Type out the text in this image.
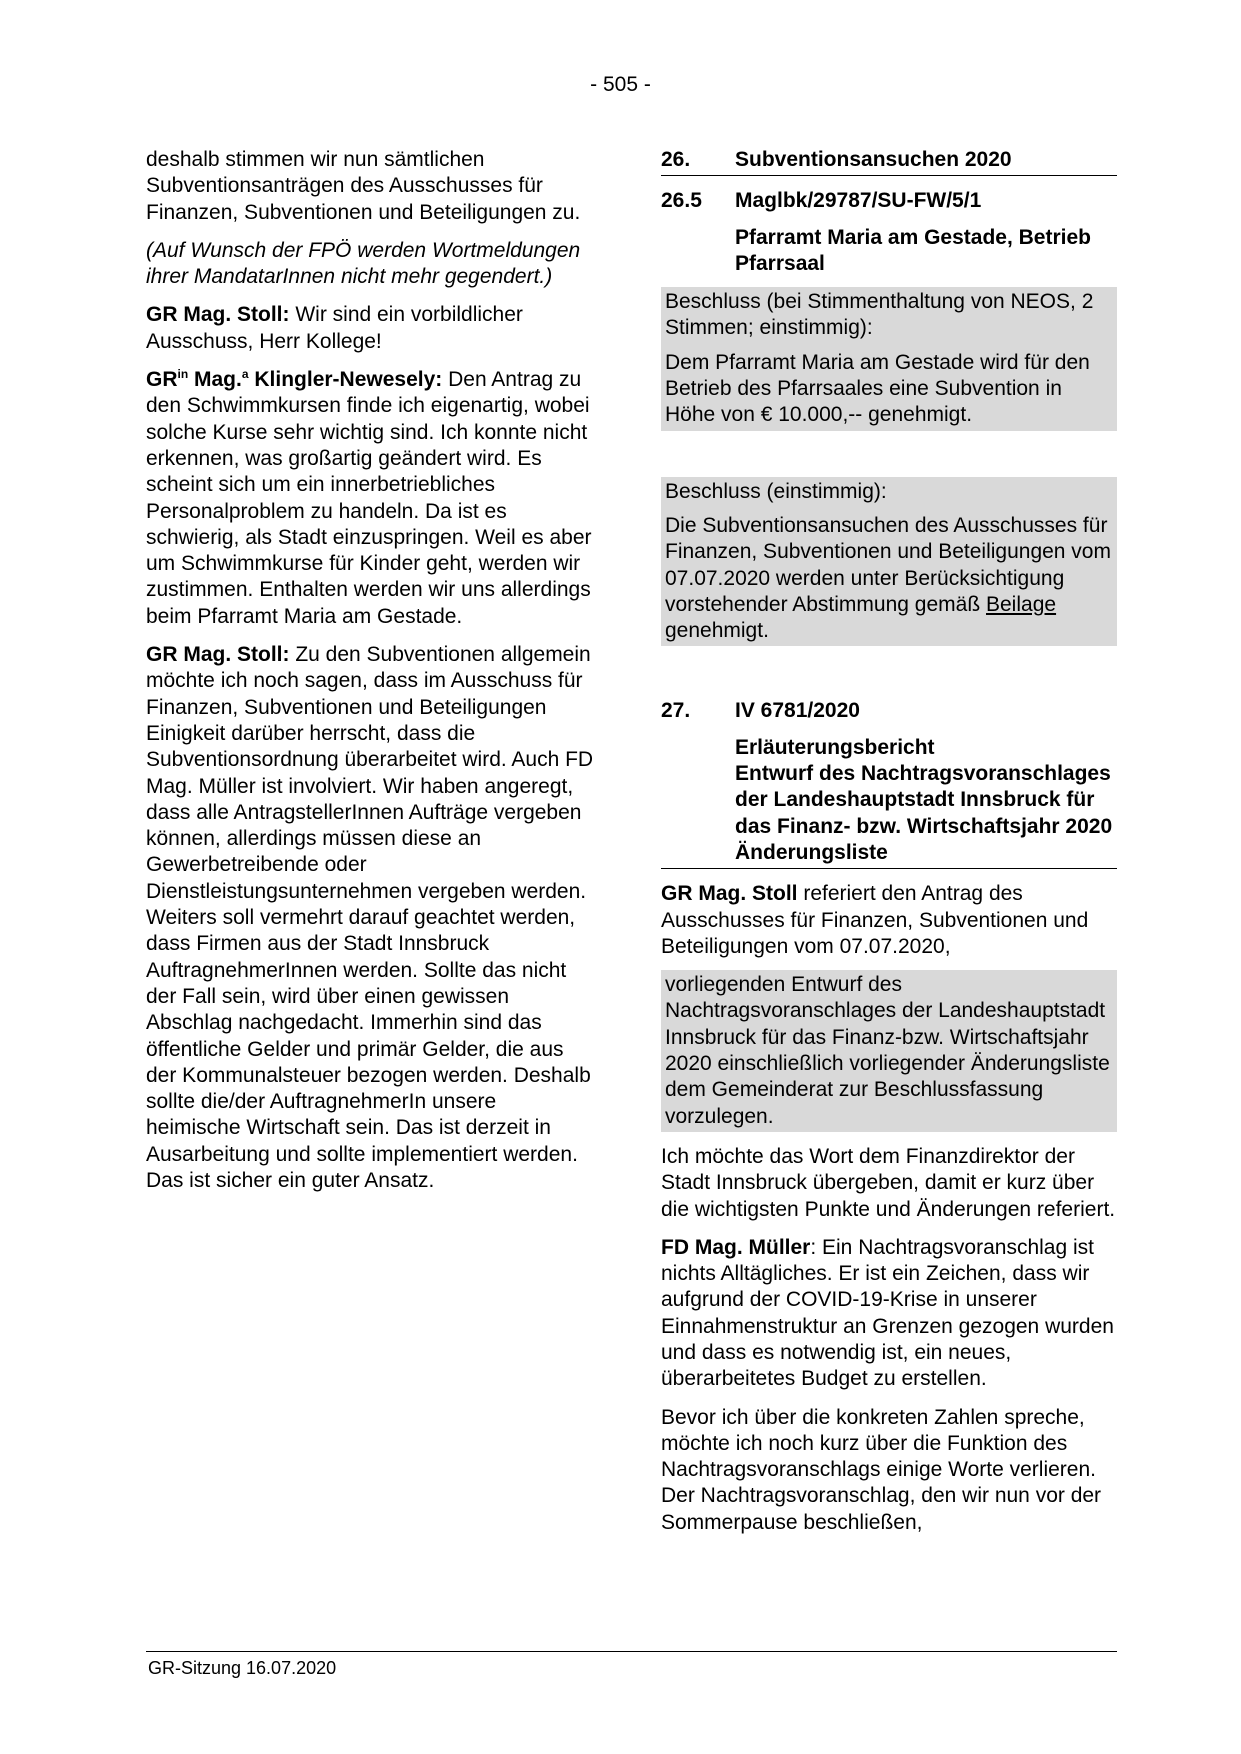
- 505 -

deshalb stimmen wir nun sämtlichen Subventionsanträgen des Ausschusses für Finanzen, Subventionen und Beteiligungen zu.

(Auf Wunsch der FPÖ werden Wortmeldungen ihrer MandatarInnen nicht mehr gegendert.)

GR Mag. Stoll: Wir sind ein vorbildlicher Ausschuss, Herr Kollege!

$GR^{in}$ Mag.$^a$ Klingler-Newesely: Den Antrag zu den Schwimmkursen finde ich eigenartig, wobei solche Kurse sehr wichtig sind. Ich konnte nicht erkennen, was großartig geändert wird. Es scheint sich um ein innerbetriebliches Personalproblem zu handeln. Da ist es schwierig, als Stadt einzuspringen. Weil es aber um Schwimmkurse für Kinder geht, werden wir zustimmen. Enthalten werden wir uns allerdings beim Pfarramt Maria am Gestade.

GR Mag. Stoll: Zu den Subventionen allgemein möchte ich noch sagen, dass im Ausschuss für Finanzen, Subventionen und Beteiligungen Einigkeit darüber herrscht, dass die Subventionsordnung überarbeitet wird. Auch FD Mag. Müller ist involviert. Wir haben angeregt, dass alle AntragstellerInnen Aufträge vergeben können, allerdings müssen diese an Gewerbetreibende oder Dienstleistungsunternehmen vergeben werden. Weiters soll vermehrt darauf geachtet werden, dass Firmen aus der Stadt Innsbruck AuftragnehmerInnen werden. Sollte das nicht der Fall sein, wird über einen gewissen Abschlag nachgedacht. Immerhin sind das öffentliche Gelder und primär Gelder, die aus der Kommunalsteuer bezogen werden. Deshalb sollte die/der AuftragnehmerIn unsere heimische Wirtschaft sein. Das ist derzeit in Ausarbeitung und sollte implementiert werden. Das ist sicher ein guter Ansatz.

26.	Subventionsansuchen 2020
26.5	Maglbk/29787/SU-FW/5/1
Pfarramt Maria am Gestade, Betrieb Pfarrsaal
Beschluss (bei Stimmenthaltung von NEOS, 2 Stimmen; einstimmig):
Dem Pfarramt Maria am Gestade wird für den Betrieb des Pfarrsaales eine Subvention in Höhe von € 10.000,-- genehmigt.
Beschluss (einstimmig):
Die Subventionsansuchen des Ausschusses für Finanzen, Subventionen und Beteiligungen vom 07.07.2020 werden unter Berücksichtigung vorstehender Abstimmung gemäß Beilage genehmigt.
27.	IV 6781/2020
Erläuterungsbericht
Entwurf des Nachtragsvoranschlages der Landeshauptstadt Innsbruck für das Finanz- bzw. Wirtschaftsjahr 2020
Änderungsliste

GR Mag. Stoll referiert den Antrag des Ausschusses für Finanzen, Subventionen und Beteiligungen vom 07.07.2020,

vorliegenden Entwurf des Nachtragsvoranschlages der Landeshauptstadt Innsbruck für das Finanz-bzw. Wirtschaftsjahr 2020 einschließlich vorliegender Änderungsliste dem Gemeinderat zur Beschlussfassung vorzulegen.

Ich möchte das Wort dem Finanzdirektor der Stadt Innsbruck übergeben, damit er kurz über die wichtigsten Punkte und Änderungen referiert.

FD Mag. Müller: Ein Nachtragsvoranschlag ist nichts Alltägliches. Er ist ein Zeichen, dass wir aufgrund der COVID-19-Krise in unserer Einnahmenstruktur an Grenzen gezogen wurden und dass es notwendig ist, ein neues, überarbeitetes Budget zu erstellen.

Bevor ich über die konkreten Zahlen spreche, möchte ich noch kurz über die Funktion des Nachtragsvoranschlags einige Worte verlieren. Der Nachtragsvoranschlag, den wir nun vor der Sommerpause beschließen,

GR-Sitzung 16.07.2020
